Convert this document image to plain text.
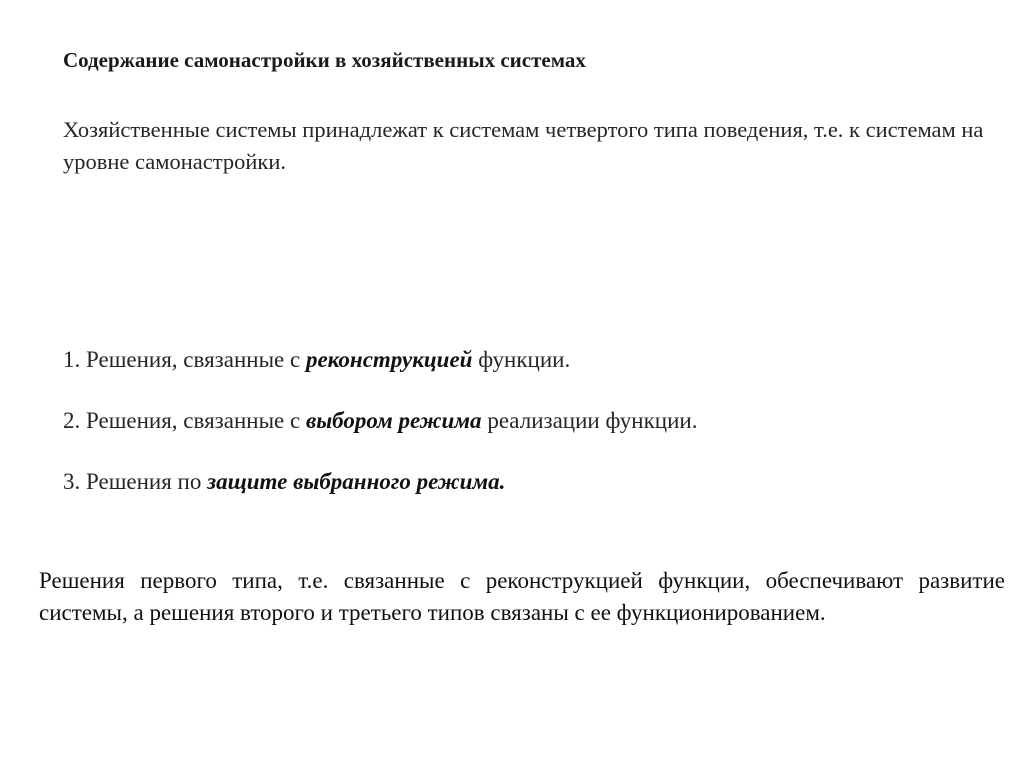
Содержание самонастройки в хозяйственных системах
Хозяйственные системы принадлежат к системам четвертого типа поведения, т.е. к системам на уровне самонастройки.
1. Решения, связанные с реконструкцией функции.
2. Решения, связанные с выбором режима реализации функции.
3. Решения по защите выбранного режима.
Решения первого типа, т.е. связанные с реконструкцией функции, обеспечивают развитие системы, а решения второго и третьего типов связаны с ее функционированием.
